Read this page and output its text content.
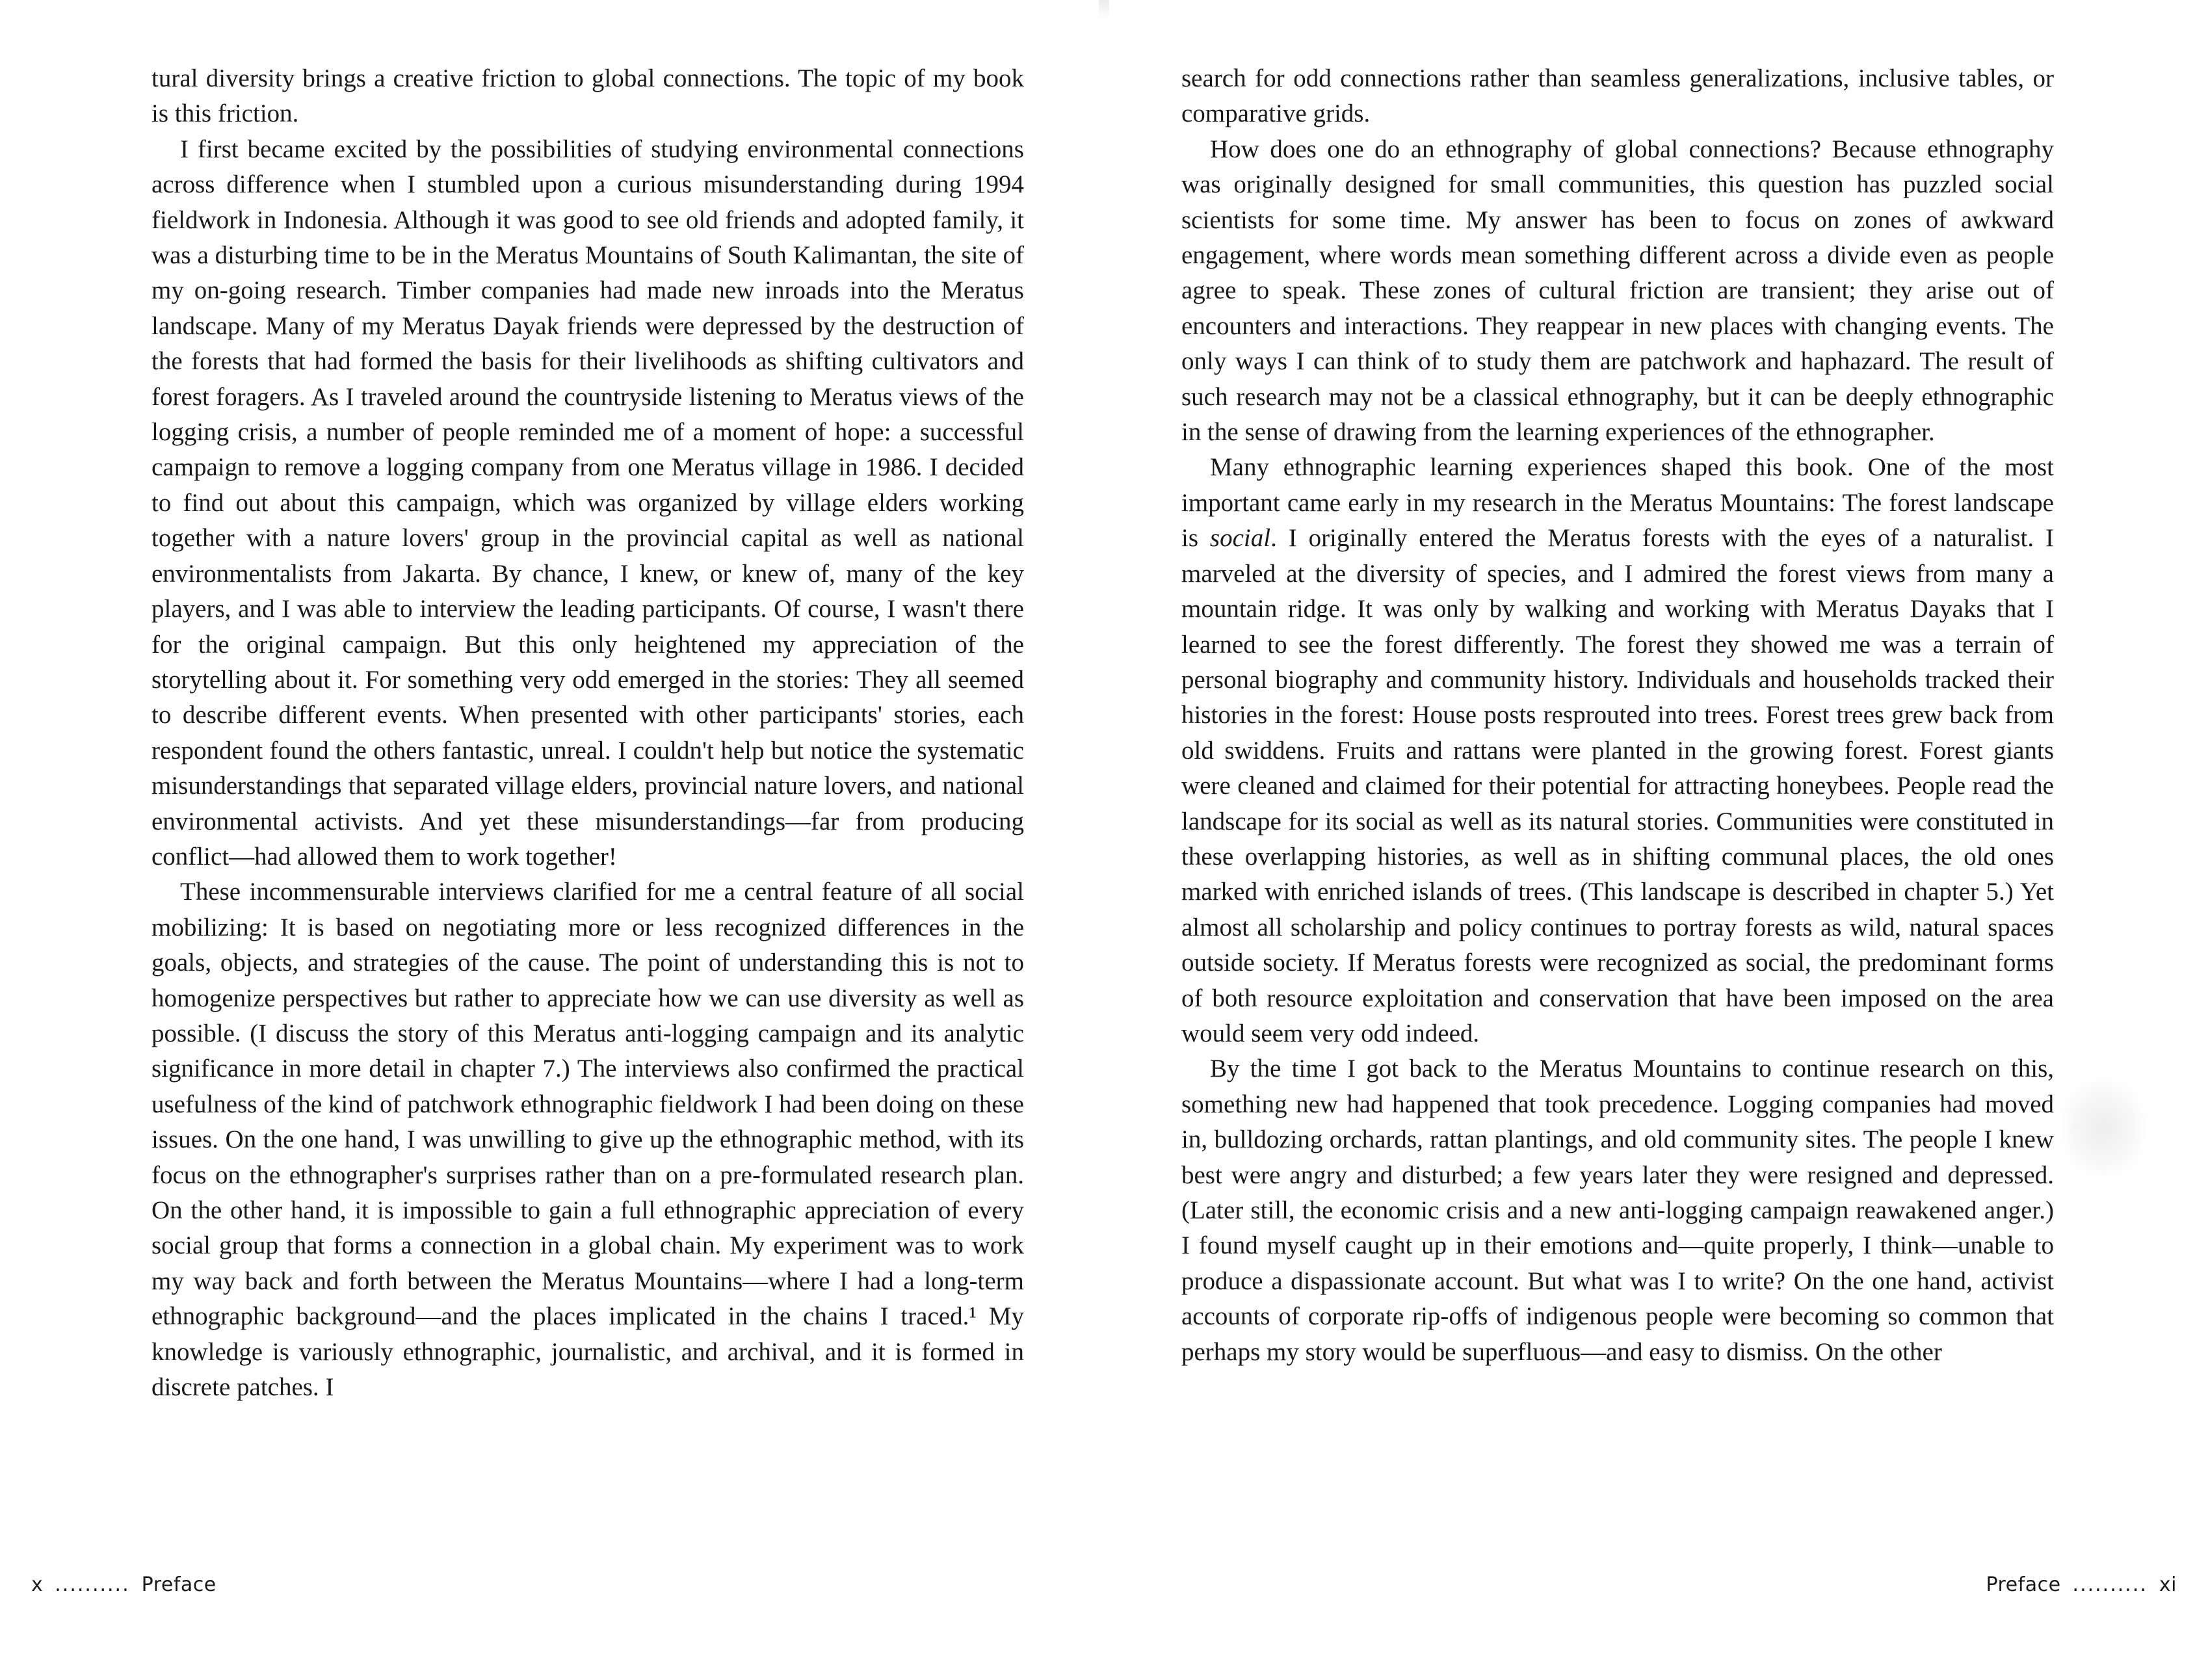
tural diversity brings a creative friction to global connections. The topic of my book is this friction.

I first became excited by the possibilities of studying environmental connections across difference when I stumbled upon a curious misunderstanding during 1994 fieldwork in Indonesia. Although it was good to see old friends and adopted family, it was a disturbing time to be in the Meratus Mountains of South Kalimantan, the site of my on-going research. Timber companies had made new inroads into the Meratus landscape. Many of my Meratus Dayak friends were depressed by the destruction of the forests that had formed the basis for their livelihoods as shifting cultivators and forest foragers. As I traveled around the countryside listening to Meratus views of the logging crisis, a number of people reminded me of a moment of hope: a successful campaign to remove a logging company from one Meratus village in 1986. I decided to find out about this campaign, which was organized by village elders working together with a nature lovers' group in the provincial capital as well as national environmentalists from Jakarta. By chance, I knew, or knew of, many of the key players, and I was able to interview the leading participants. Of course, I wasn't there for the original campaign. But this only heightened my appreciation of the storytelling about it. For something very odd emerged in the stories: They all seemed to describe different events. When presented with other participants' stories, each respondent found the others fantastic, unreal. I couldn't help but notice the systematic misunderstandings that separated village elders, provincial nature lovers, and national environmental activists. And yet these misunderstandings—far from producing conflict—had allowed them to work together!

These incommensurable interviews clarified for me a central feature of all social mobilizing: It is based on negotiating more or less recognized differences in the goals, objects, and strategies of the cause. The point of understanding this is not to homogenize perspectives but rather to appreciate how we can use diversity as well as possible. (I discuss the story of this Meratus anti-logging campaign and its analytic significance in more detail in chapter 7.) The interviews also confirmed the practical usefulness of the kind of patchwork ethnographic fieldwork I had been doing on these issues. On the one hand, I was unwilling to give up the ethnographic method, with its focus on the ethnographer's surprises rather than on a pre-formulated research plan. On the other hand, it is impossible to gain a full ethnographic appreciation of every social group that forms a connection in a global chain. My experiment was to work my way back and forth between the Meratus Mountains—where I had a long-term ethnographic background—and the places implicated in the chains I traced.¹ My knowledge is variously ethnographic, journalistic, and archival, and it is formed in discrete patches. I

search for odd connections rather than seamless generalizations, inclusive tables, or comparative grids.

How does one do an ethnography of global connections? Because ethnography was originally designed for small communities, this question has puzzled social scientists for some time. My answer has been to focus on zones of awkward engagement, where words mean something different across a divide even as people agree to speak. These zones of cultural friction are transient; they arise out of encounters and interactions. They reappear in new places with changing events. The only ways I can think of to study them are patchwork and haphazard. The result of such research may not be a classical ethnography, but it can be deeply ethnographic in the sense of drawing from the learning experiences of the ethnographer.

Many ethnographic learning experiences shaped this book. One of the most important came early in my research in the Meratus Mountains: The forest landscape is social. I originally entered the Meratus forests with the eyes of a naturalist. I marveled at the diversity of species, and I admired the forest views from many a mountain ridge. It was only by walking and working with Meratus Dayaks that I learned to see the forest differently. The forest they showed me was a terrain of personal biography and community history. Individuals and households tracked their histories in the forest: House posts resprouted into trees. Forest trees grew back from old swiddens. Fruits and rattans were planted in the growing forest. Forest giants were cleaned and claimed for their potential for attracting honeybees. People read the landscape for its social as well as its natural stories. Communities were constituted in these overlapping histories, as well as in shifting communal places, the old ones marked with enriched islands of trees. (This landscape is described in chapter 5.) Yet almost all scholarship and policy continues to portray forests as wild, natural spaces outside society. If Meratus forests were recognized as social, the predominant forms of both resource exploitation and conservation that have been imposed on the area would seem very odd indeed.

By the time I got back to the Meratus Mountains to continue research on this, something new had happened that took precedence. Logging companies had moved in, bulldozing orchards, rattan plantings, and old community sites. The people I knew best were angry and disturbed; a few years later they were resigned and depressed. (Later still, the economic crisis and a new anti-logging campaign reawakened anger.) I found myself caught up in their emotions and—quite properly, I think—unable to produce a dispassionate account. But what was I to write? On the one hand, activist accounts of corporate rip-offs of indigenous people were becoming so common that perhaps my story would be superfluous—and easy to dismiss. On the other

x .......... Preface	Preface .......... xi
